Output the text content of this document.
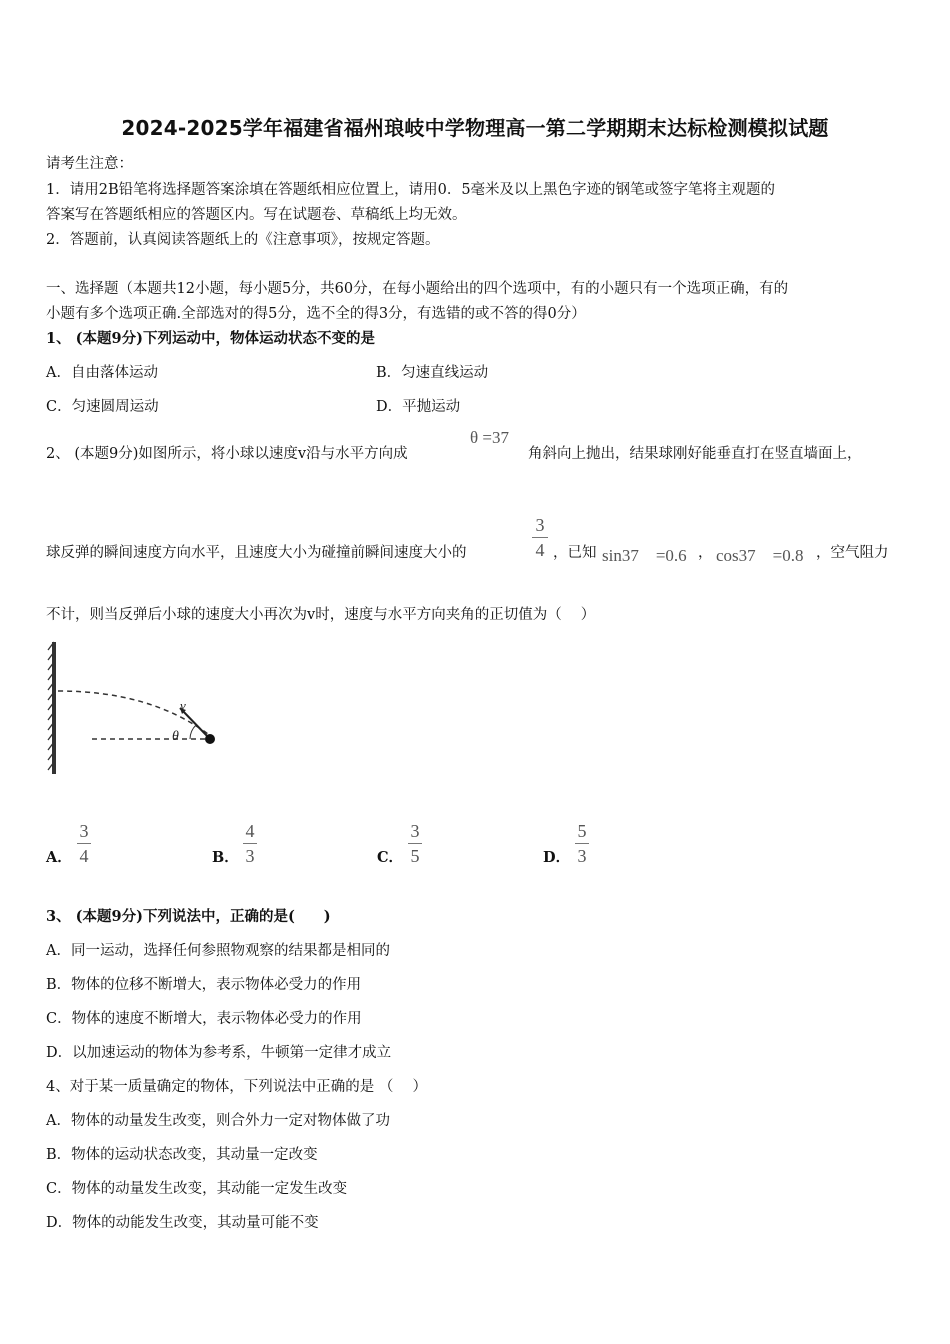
2024-2025学年福建省福州琅岐中学物理高一第二学期期末达标检测模拟试题
请考生注意：
1．请用2B铅笔将选择题答案涂填在答题纸相应位置上，请用0．5毫米及以上黑色字迹的钢笔或签字笔将主观题的
答案写在答题纸相应的答题区内。写在试题卷、草稿纸上均无效。
2．答题前，认真阅读答题纸上的《注意事项》，按规定答题。
一、选择题（本题共12小题，每小题5分，共60分，在每小题给出的四个选项中，有的小题只有一个选项正确，有的
小题有多个选项正确.全部选对的得5分，选不全的得3分，有选错的或不答的得0分）
1、 (本题9分)下列运动中，物体运动状态不变的是
A．自由落体运动	B．匀速直线运动
C．匀速圆周运动	D．平抛运动
2、 (本题9分)如图所示，将小球以速度v沿与水平方向成
θ =37
角斜向上抛出，结果球刚好能垂直打在竖直墙面上，
球反弹的瞬间速度方向水平，且速度大小为碰撞前瞬间速度大小的
3
4 ，已知 sin37　=0.6 ， cos37　=0.8 ，空气阻力
不计，则当反弹后小球的速度大小再次为v时，速度与水平方向夹角的正切值为（　 ）
v
θ
A．
3
4	B．
4
3	C．
3
5	D．
5
3
3、 (本题9分)下列说法中，正确的是(　　)
A．同一运动，选择任何参照物观察的结果都是相同的
B．物体的位移不断增大，表示物体必受力的作用
C．物体的速度不断增大，表示物体必受力的作用
D．以加速运动的物体为参考系，牛顿第一定律才成立
4、对于某一质量确定的物体，下列说法中正确的是 （　 ）
A．物体的动量发生改变，则合外力一定对物体做了功
B．物体的运动状态改变，其动量一定改变
C．物体的动量发生改变，其动能一定发生改变
D．物体的动能发生改变，其动量可能不变
